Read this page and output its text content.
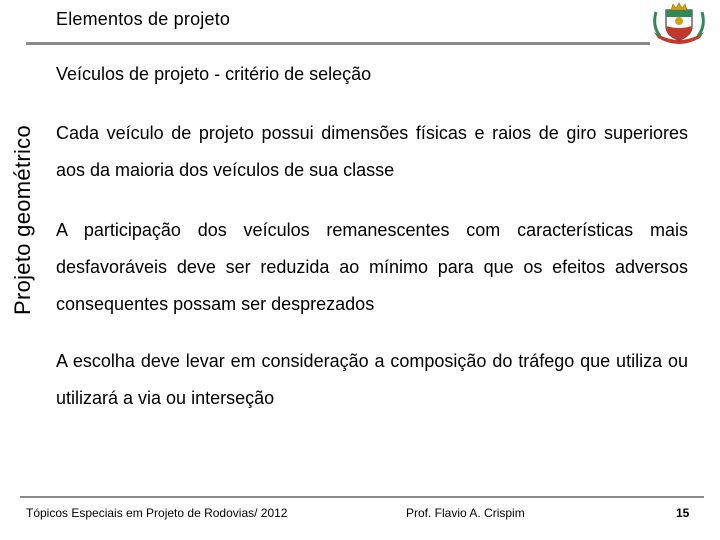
Elementos de projeto
Projeto geométrico
Veículos de projeto - critério de seleção
Cada veículo de projeto possui dimensões físicas e raios de giro superiores aos da maioria dos veículos de sua classe
A participação dos veículos remanescentes com características mais desfavoráveis deve ser reduzida ao mínimo para que os efeitos adversos consequentes possam ser desprezados
A escolha deve levar em consideração a composição do tráfego que utiliza ou utilizará a via ou interseção
Tópicos Especiais em Projeto de Rodovias/ 2012	Prof. Flavio A. Crispim	15
